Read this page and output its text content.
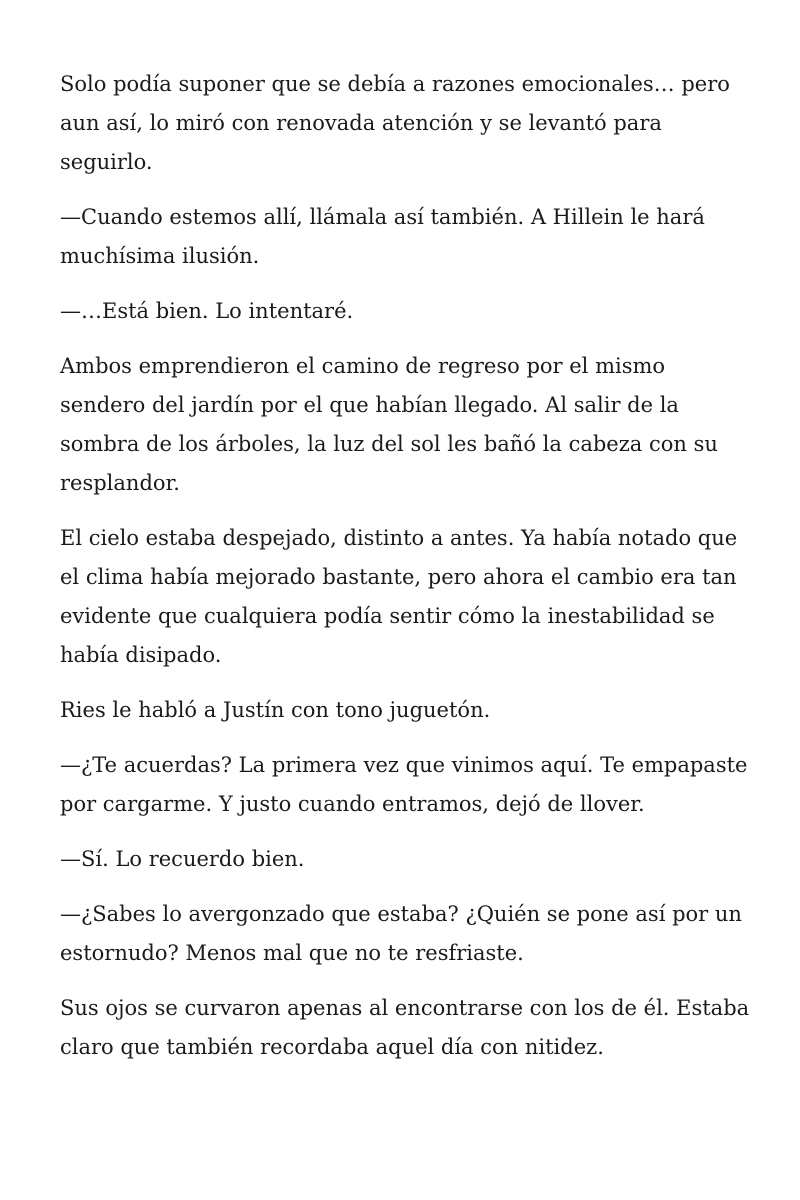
Solo podía suponer que se debía a razones emocionales… pero aun así, lo miró con renovada atención y se levantó para seguirlo.

—Cuando estemos allí, llámala así también. A Hillein le hará muchísima ilusión.

—…Está bien. Lo intentaré.

Ambos emprendieron el camino de regreso por el mismo sendero del jardín por el que habían llegado. Al salir de la sombra de los árboles, la luz del sol les bañó la cabeza con su resplandor.

El cielo estaba despejado, distinto a antes. Ya había notado que el clima había mejorado bastante, pero ahora el cambio era tan evidente que cualquiera podía sentir cómo la inestabilidad se había disipado.

Ries le habló a Justín con tono juguetón.

—¿Te acuerdas? La primera vez que vinimos aquí. Te empapaste por cargarme. Y justo cuando entramos, dejó de llover.

—Sí. Lo recuerdo bien.

—¿Sabes lo avergonzado que estaba? ¿Quién se pone así por un estornudo? Menos mal que no te resfriaste.

Sus ojos se curvaron apenas al encontrarse con los de él. Estaba claro que también recordaba aquel día con nitidez.
